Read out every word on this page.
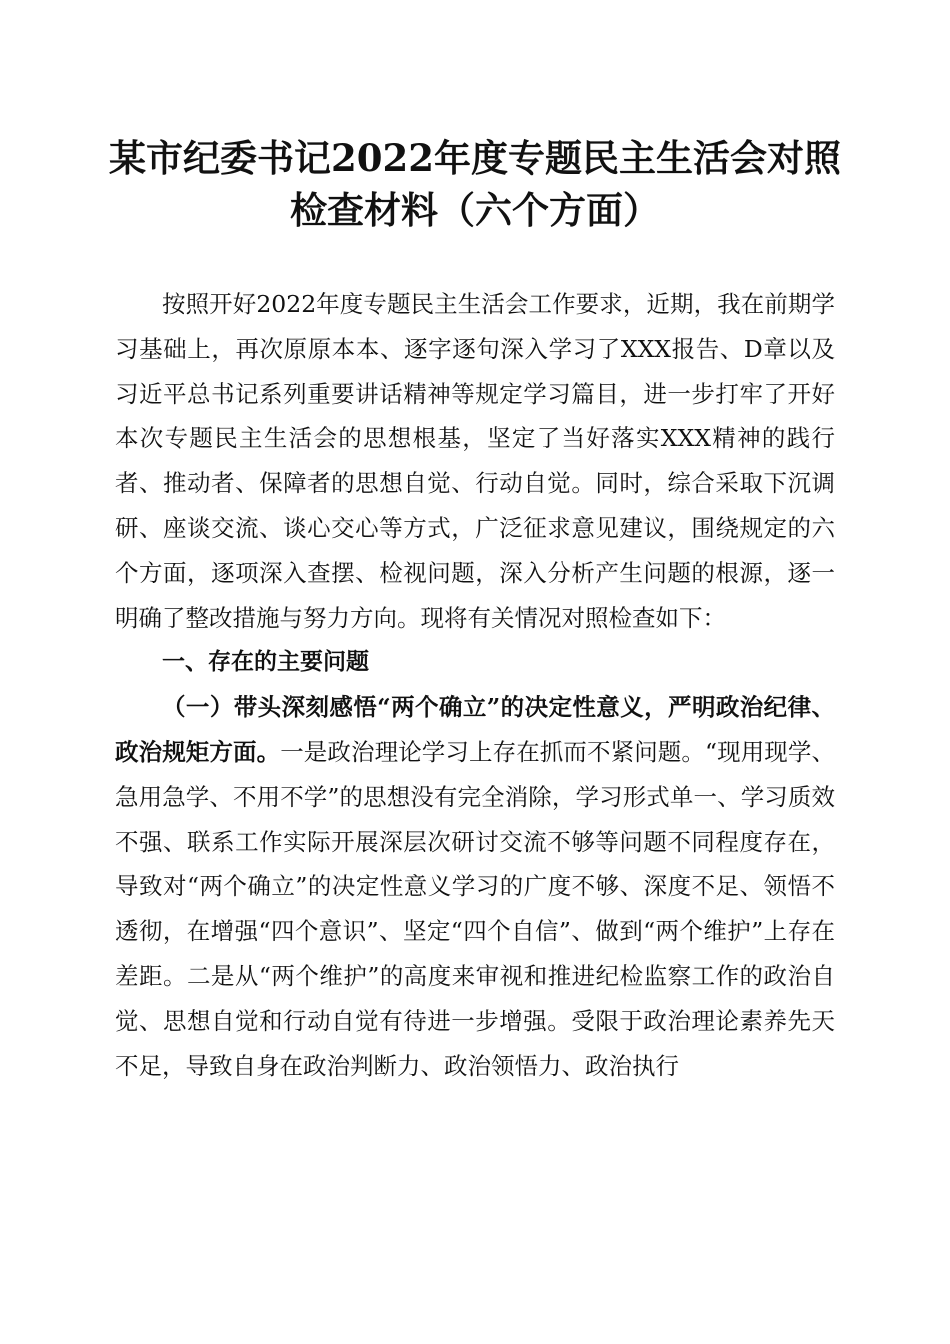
某市纪委书记2022年度专题民主生活会对照
检查材料（六个方面）

按照开好2022年度专题民主生活会工作要求，近期，我在前期学习基础上，再次原原本本、逐字逐句深入学习了XXX报告、D章以及习近平总书记系列重要讲话精神等规定学习篇目，进一步打牢了开好本次专题民主生活会的思想根基，坚定了当好落实XXX精神的践行者、推动者、保障者的思想自觉、行动自觉。同时，综合采取下沉调研、座谈交流、谈心交心等方式，广泛征求意见建议，围绕规定的六个方面，逐项深入查摆、检视问题，深入分析产生问题的根源，逐一明确了整改措施与努力方向。现将有关情况对照检查如下：

一、存在的主要问题

（一）带头深刻感悟“两个确立”的决定性意义，严明政治纪律、政治规矩方面。一是政治理论学习上存在抓而不紧问题。“现用现学、急用急学、不用不学”的思想没有完全消除，学习形式单一、学习质效不强、联系工作实际开展深层次研讨交流不够等问题不同程度存在，导致对“两个确立”的决定性意义学习的广度不够、深度不足、领悟不透彻，在增强“四个意识”、坚定“四个自信”、做到“两个维护”上存在差距。二是从“两个维护”的高度来审视和推进纪检监察工作的政治自觉、思想自觉和行动自觉有待进一步增强。受限于政治理论素养先天不足，导致自身在政治判断力、政治领悟力、政治执行
